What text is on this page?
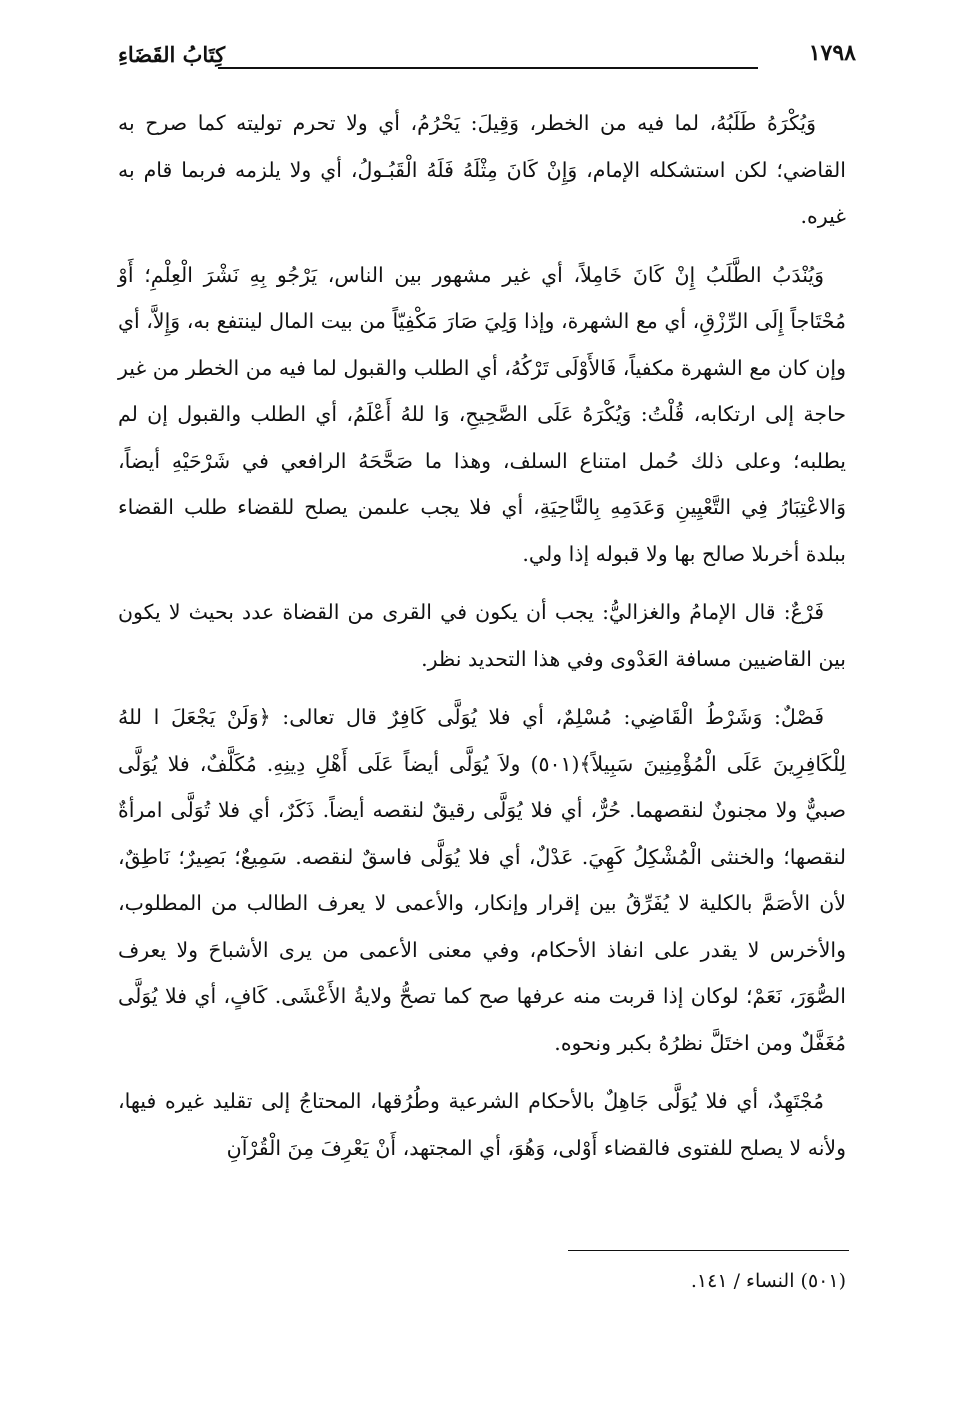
١٧٩٨
كِتَابُ القَضَاءِ

وَيُكْرَهُ طَلَبُهُ، لما فيه من الخطر، وَقِيلَ: يَحْرُمُ، أي ولا تحرم توليته كما صرح به القاضي؛ لكن استشكله الإمام، وَإِنْ كَانَ مِثْلَهُ فَلَهُ الْقَبُـولُ، أي ولا يلزمه فربما قام به غيره.

وَيُنْدَبُ الطَّلَبُ إِنْ كَانَ خَامِلاً، أي غير مشهور بين الناس، يَرْجُو بِهِ نَشْرَ الْعِلْمِ؛ أَوْ مُحْتَاجاً إِلَى الرِّزْقِ، أي مع الشهرة، وإذا وَلِيَ صَارَ مَكْفِيّاً من بيت المال لينتفع به، وَإِلاَّ، أي وإن كان مع الشهرة مكفياً، فَالأَوْلَى تَرْكُهُ، أي الطلب والقبول لما فيه من الخطر من غير حاجة إلى ارتكابه، قُلْتُ: وَيُكْرَهُ عَلَى الصَّحِيحِ، وَا للهُ أَعْلَمُ، أي الطلب والقبول إن لم يطلبه؛ وعلى ذلك حُمل امتناع السلف، وهذا ما صَحَّحَهُ الرافعي في شَرْحَيْهِ أيضاً، وَالاعْتِبَارُ فِي التَّعْيِينِ وَعَدَمِهِ بِالنَّاحِيَةِ، أي فلا يجب علىمن يصلح للقضاء طلب القضاء ببلدة أخرىلا صالح بها ولا قبوله إذا ولي.

فَرْعٌ: قال الإمامُ والغزاليُّ: يجب أن يكون في القرى من القضاة عدد بحيث لا يكون بين القاضيين مسافة العَدْوى وفي هذا التحديد نظر.

فَصْلٌ: وَشَرْطُ الْقَاضِي: مُسْلِمٌ، أي فلا يُوَلَّى كَافِرٌ قال تعالى: ﴿وَلَنْ يَجْعَلَ ا للهُ لِلْكَافِرِينَ عَلَى الْمُؤْمِنِينَ سَبِيلاً﴾(٥٠١) ولاَ يُوَلَّى أيضاً عَلَى أَهْلِ دِينِهِ. مُكَلَّفٌ، فلا يُوَلَّى صبيٌّ ولا مجنونٌ لنقصهما. حُرٌّ، أي فلا يُوَلَّى رقيقٌ لنقصه أيضاً. ذَكَرٌ، أي فلا تُوَلَّى امرأةٌ لنقصها؛ والخنثى الْمُشْكِلُ كَهِيَ. عَدْلٌ، أي فلا يُوَلَّى فاسقٌ لنقصه. سَمِيعٌ؛ بَصِيرٌ؛ نَاطِقٌ، لأن الأصَمَّ بالكلية لا يُفَرِّقُ بين إقرار وإنكار، والأعمى لا يعرف الطالب من المطلوب، والأخرس لا يقدر على انفاذ الأحكام، وفي معنى الأعمى من يرى الأشباحَ ولا يعرف الصُّوَرَ، نَعَمْ؛ لوكان إذا قربت منه عرفها صح كما تصحُّ ولايةُ الأَعْشَى. كَافٍ، أي فلا يُوَلَّى مُغَفَّلٌ ومن اختَلَّ نظرُهُ بكبر ونحوه.

مُجْتَهِدٌ، أي فلا يُوَلَّى جَاهِلٌ بالأحكام الشرعية وطُرُقها، المحتاجُ إلى تقليد غيره فيها، ولأنه لا يصلح للفتوى فالقضاء أَوْلى، وَهُوَ، أي المجتهد، أَنْ يَعْرِفَ مِنَ الْقُرْآنِ

(٥٠١) النساء / ١٤١.
